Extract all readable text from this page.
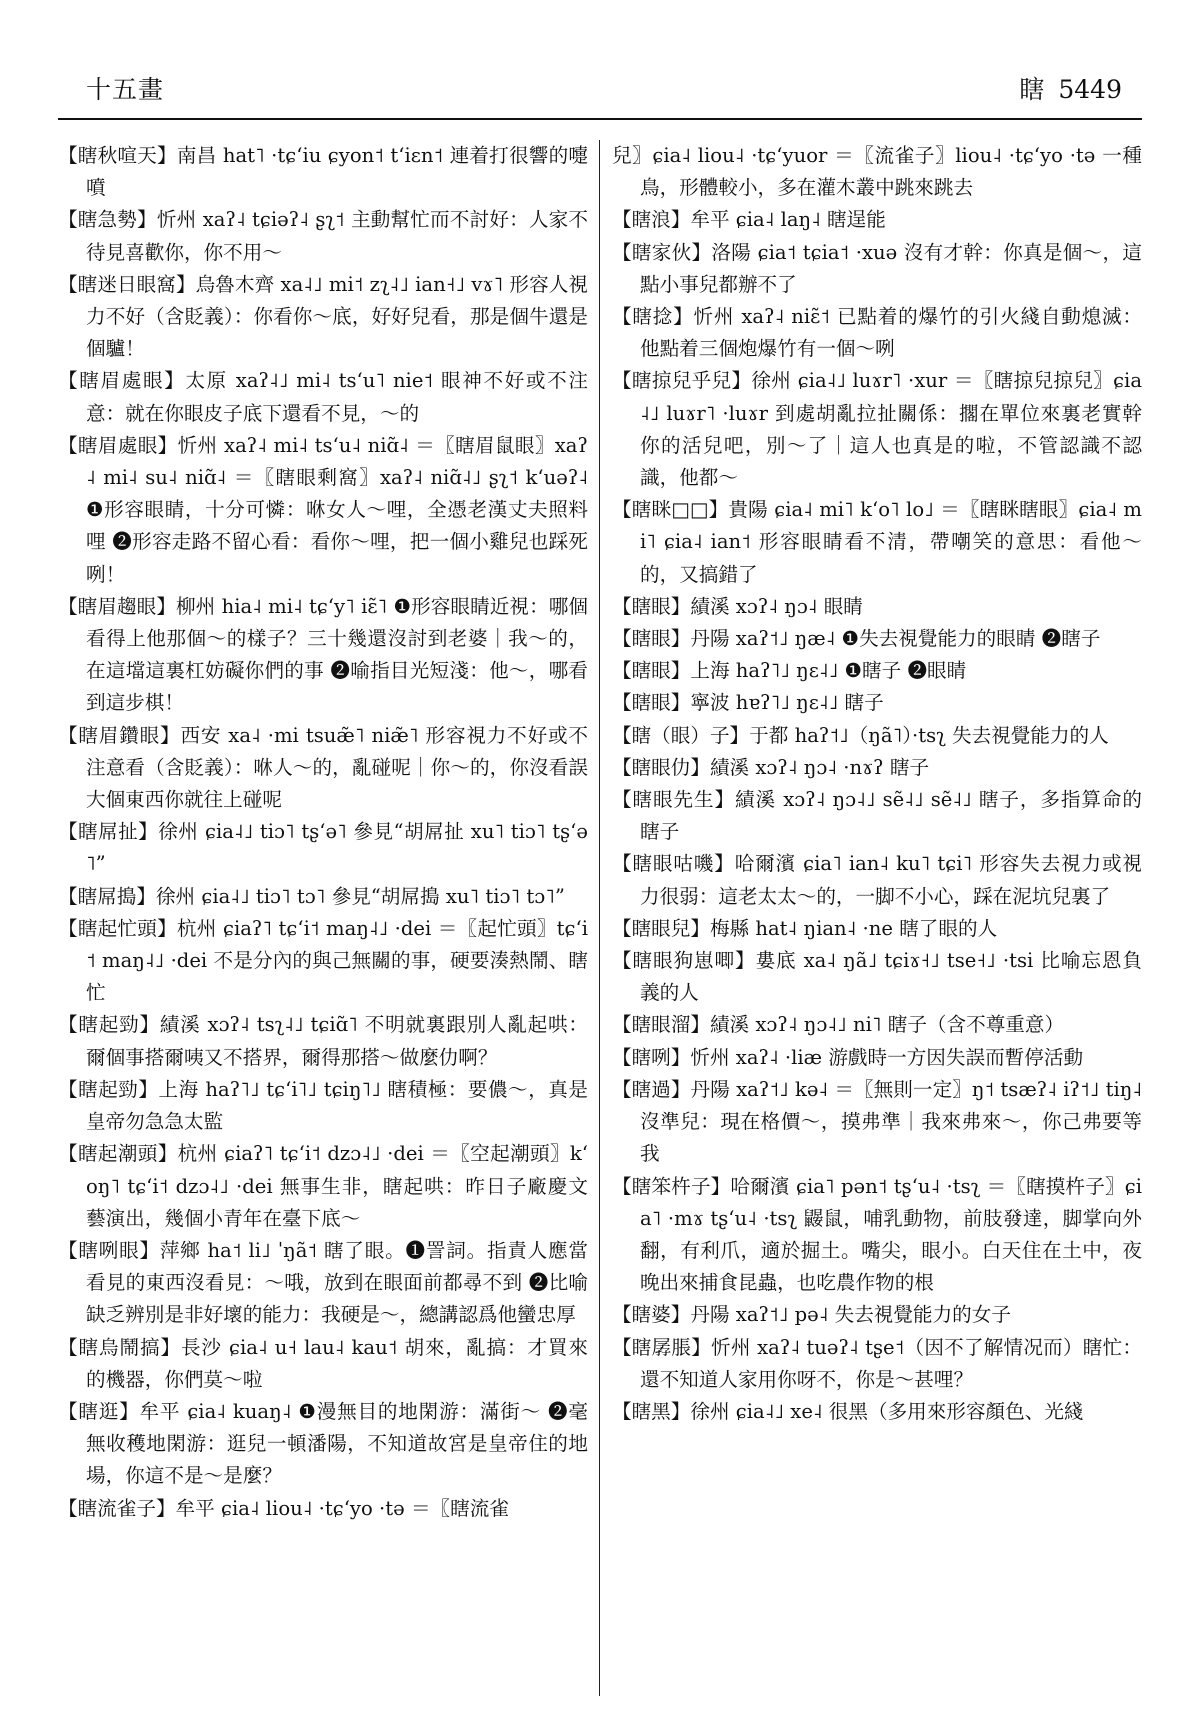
十五畫	瞎 5449

【瞎秋喧天】南昌 hat˥ ·tɕʻiu ɕyon˦ tʻiɛn˦ 連着打很響的嚏噴

【瞎急勢】忻州 xaʔ˨ tɕiəʔ˨ ʂʅ˦ 主動幫忙而不討好：人家不待見喜歡你，你不用～

【瞎迷日眼窩】烏魯木齊 xa˨˩ mi˦ zʅ˨˩ ian˧˩ vɤ˥ 形容人視力不好（含貶義）：你看你～底，好好兒看，那是個牛還是個驢！

【瞎眉處眼】太原 xaʔ˨˩ mi˨ tsʻu˥ nie˦ 眼神不好或不注意：就在你眼皮子底下還看不見，～的

【瞎眉處眼】忻州 xaʔ˨ mi˨ tsʻu˨ niɑ̃˨ ＝〖瞎眉鼠眼〗xaʔ˨ mi˨ su˨ niɑ̃˨ ＝〖瞎眼剩窩〗xaʔ˨ niɑ̃˨˩ ʂʅ˦ kʻuəʔ˨ ❶形容眼睛，十分可憐：咻女人～哩，全憑老漢丈夫照料哩 ❷形容走路不留心看：看你～哩，把一個小雞兒也踩死咧！

【瞎眉趨眼】柳州 hia˨ mi˨ tɕʻy˥ iɛ̃˥ ❶形容眼睛近視：哪個看得上他那個～的樣子？三十幾還沒討到老婆｜我～的，在這壋這裏杠妨礙你們的事 ❷喻指目光短淺：他～，哪看到這步棋！

【瞎眉鑽眼】西安 xa˨ ·mi tsuæ̃˥ niæ̃˥ 形容視力不好或不注意看（含貶義）：咻人～的，亂碰呢｜你～的，你沒看誤大個東西你就往上碰呢

【瞎屌扯】徐州 ɕia˨˩ tiɔ˥ tʂʻə˥ 參見“胡屌扯 xu˥ tiɔ˥ tʂʻə˥”

【瞎屌搗】徐州 ɕia˨˩ tiɔ˥ tɔ˥ 參見“胡屌搗 xu˥ tiɔ˥ tɔ˥”

【瞎起忙頭】杭州 ɕiaʔ˥ tɕʻi˦ maŋ˨˩ ·dei ＝〖起忙頭〗tɕʻi˦ maŋ˨˩ ·dei 不是分內的與己無關的事，硬要湊熱鬧、瞎忙

【瞎起勁】績溪 xɔʔ˨ tsʅ˨˩ tɕiɑ̃˥ 不明就裏跟別人亂起哄：爾個事搭爾咦又不搭界，爾得那搭～做麼仂啊？

【瞎起勁】上海 haʔ˥˩ tɕʻi˥˩ tɕiŋ˥˩ 瞎積極：要儂～，真是皇帝勿急急太監

【瞎起潮頭】杭州 ɕiaʔ˥ tɕʻi˦ dzɔ˨˩ ·dei ＝〖空起潮頭〗kʻoŋ˥ tɕʻi˦ dzɔ˨˩ ·dei 無事生非，瞎起哄：昨日子廠慶文藝演出，幾個小青年在臺下底～

【瞎咧眼】萍鄉 ha˦ li˩ ˈŋã˦ 瞎了眼。❶詈詞。指責人應當看見的東西沒看見：～哦，放到在眼面前都尋不到 ❷比喻缺乏辨別是非好壞的能力：我硬是～，總講認爲他蠻忠厚

【瞎烏鬧搞】長沙 ɕia˨ u˧ lau˨ kau˦ 胡來，亂搞：才買來的機器，你們莫～啦

【瞎逛】牟平 ɕia˨ kuaŋ˨ ❶漫無目的地閑游：滿街～ ❷毫無收穫地閑游：逛兒一頓潘陽，不知道故宮是皇帝住的地場，你這不是～是麼？

【瞎流雀子】牟平 ɕia˨ liou˨ ·tɕʻyo ·tə ＝〖瞎流雀

兒〗ɕia˨ liou˨ ·tɕʻyuor ＝〖流雀子〗liou˨ ·tɕʻyo ·tə 一種鳥，形體較小，多在灌木叢中跳來跳去

【瞎浪】牟平 ɕia˨ laŋ˨ 瞎逞能

【瞎家伙】洛陽 ɕia˦ tɕia˦ ·xuə 沒有才幹：你真是個～，這點小事兒都辦不了

【瞎捻】忻州 xaʔ˨ niɛ̃˦ 已點着的爆竹的引火綫自動熄滅：他點着三個炮爆竹有一個～咧

【瞎掠兒乎兒】徐州 ɕia˨˩ luɤr˥ ·xur ＝〖瞎掠兒掠兒〗ɕia˨˩ luɤr˥ ·luɤr 到處胡亂拉扯關係：擱在單位來裏老實幹你的活兒吧，別～了｜這人也真是的啦，不管認識不認識，他都～

【瞎眯□□】貴陽 ɕia˨ mi˥ kʻo˥ lo˩ ＝〖瞎眯瞎眼〗ɕia˨ mi˥ ɕia˨ ian˦ 形容眼睛看不清，帶嘲笑的意思：看他～的，又搞錯了

【瞎眼】績溪 xɔʔ˨ ŋɔ˨ 眼睛

【瞎眼】丹陽 xaʔ˦˩ ŋæ˨ ❶失去視覺能力的眼睛 ❷瞎子

【瞎眼】上海 haʔ˥˩ ŋɛ˨˩ ❶瞎子 ❷眼睛

【瞎眼】寧波 hɐʔ˥˩ ŋɛ˨˩ 瞎子

【瞎（眼）子】于都 haʔ˦˩（ŋã˥）·tsʅ 失去視覺能力的人

【瞎眼仂】績溪 xɔʔ˨ ŋɔ˨ ·nɤʔ 瞎子

【瞎眼先生】績溪 xɔʔ˨ ŋɔ˨˩ sẽ˨˩ sẽ˨˩ 瞎子，多指算命的瞎子

【瞎眼咕嘰】哈爾濱 ɕia˥ ian˨ ku˥ tɕi˥ 形容失去視力或視力很弱：這老太太～的，一脚不小心，踩在泥坑兒裏了

【瞎眼兒】梅縣 hat˨ ŋian˨ ·ne 瞎了眼的人

【瞎眼狗崽唧】婁底 xa˨ ŋã˩ tɕiɤ˧˩ tse˧˩ ·tsi 比喻忘恩負義的人

【瞎眼溜】績溪 xɔʔ˨ ŋɔ˨˩ ni˥ 瞎子（含不尊重意）

【瞎咧】忻州 xaʔ˨ ·liæ 游戲時一方因失誤而暫停活動

【瞎過】丹陽 xaʔ˦˩ kə˨ ＝〖無則一定〗ŋ˦ tsæʔ˨ iʔ˦˩ tiŋ˨ 沒準兒：現在格價～，摸弗準｜我來弗來～，你己弗要等我

【瞎笨杵子】哈爾濱 ɕia˥ pən˦ tʂʻu˨ ·tsʅ ＝〖瞎摸杵子〗ɕia˥ ·mɤ tʂʻu˨ ·tsʅ 鼹鼠，哺乳動物，前肢發達，脚掌向外翻，有利爪，適於掘土。嘴尖，眼小。白天住在土中，夜晚出來捕食昆蟲，也吃農作物的根

【瞎婆】丹陽 xaʔ˦˩ pə˨ 失去視覺能力的女子

【瞎孱脹】忻州 xaʔ˨ tuəʔ˨ tʂe˦（因不了解情况而）瞎忙：還不知道人家用你呀不，你是～甚哩？

【瞎黑】徐州 ɕia˨˩ xe˨ 很黑（多用來形容顏色、光綫
